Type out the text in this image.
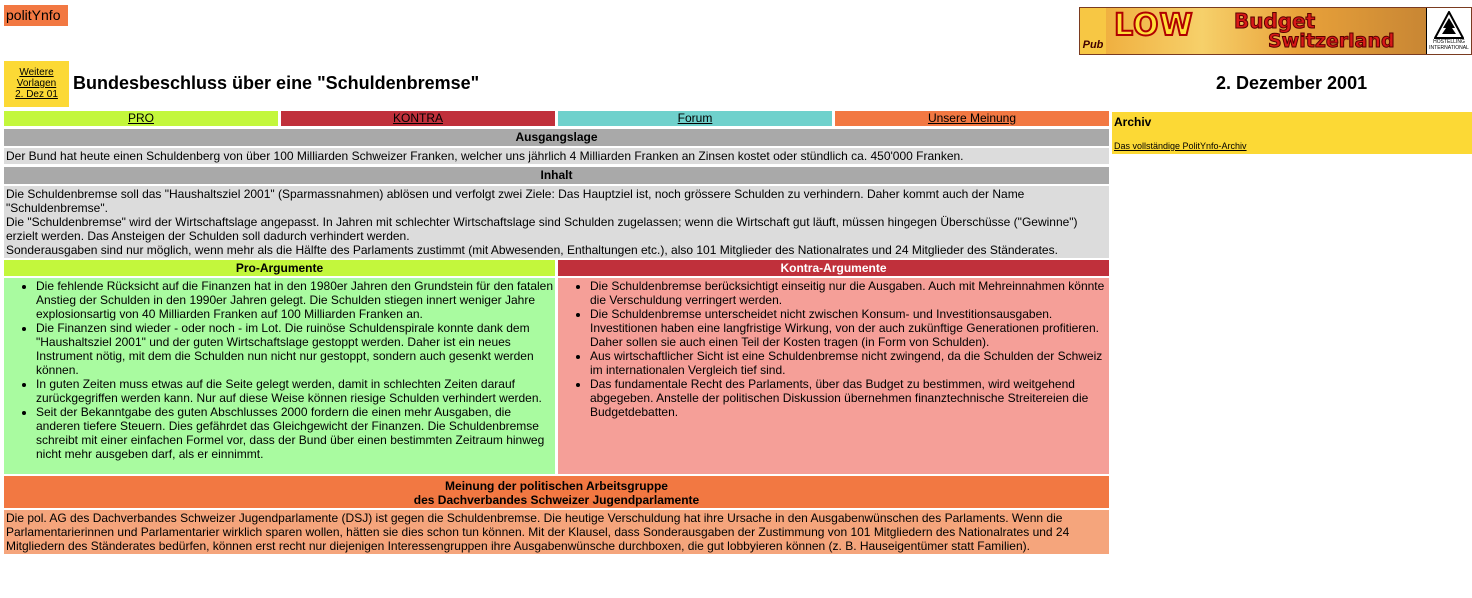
politYnfo
Pub
LOW Budget
Switzerland	HOSTELLING INTERNATIONAL
Weitere
Vorlagen
2. Dez 01
Bundesbeschluss über eine "Schuldenbremse"	2. Dezember 2001
PRO	KONTRA	Forum	Unsere Meinung
Ausgangslage
Der Bund hat heute einen Schuldenberg von über 100 Milliarden Schweizer Franken, welcher uns jährlich 4 Milliarden Franken an Zinsen kostet oder stündlich ca. 450'000 Franken.
Inhalt
Die Schuldenbremse soll das "Haushaltsziel 2001" (Sparmassnahmen) ablösen und verfolgt zwei Ziele: Das Hauptziel ist, noch grössere Schulden zu verhindern. Daher kommt auch der Name "Schuldenbremse".
Die "Schuldenbremse" wird der Wirtschaftslage angepasst. In Jahren mit schlechter Wirtschaftslage sind Schulden zugelassen; wenn die Wirtschaft gut läuft, müssen hingegen Überschüsse ("Gewinne") erzielt werden. Das Ansteigen der Schulden soll dadurch verhindert werden.
Sonderausgaben sind nur möglich, wenn mehr als die Hälfte des Parlaments zustimmt (mit Abwesenden, Enthaltungen etc.), also 101 Mitglieder des Nationalrates und 24 Mitglieder des Ständerates.
Pro-Argumente
• Die fehlende Rücksicht auf die Finanzen hat in den 1980er Jahren den Grundstein für den fatalen Anstieg der Schulden in den 1990er Jahren gelegt. Die Schulden stiegen innert weniger Jahre explosionsartig von 40 Milliarden Franken auf 100 Milliarden Franken an.
• Die Finanzen sind wieder - oder noch - im Lot. Die ruinöse Schuldenspirale konnte dank dem "Haushaltsziel 2001" und der guten Wirtschaftslage gestoppt werden. Daher ist ein neues Instrument nötig, mit dem die Schulden nun nicht nur gestoppt, sondern auch gesenkt werden können.
• In guten Zeiten muss etwas auf die Seite gelegt werden, damit in schlechten Zeiten darauf zurückgegriffen werden kann. Nur auf diese Weise können riesige Schulden verhindert werden.
• Seit der Bekanntgabe des guten Abschlusses 2000 fordern die einen mehr Ausgaben, die anderen tiefere Steuern. Dies gefährdet das Gleichgewicht der Finanzen. Die Schuldenbremse schreibt mit einer einfachen Formel vor, dass der Bund über einen bestimmten Zeitraum hinweg nicht mehr ausgeben darf, als er einnimmt.
Kontra-Argumente
• Die Schuldenbremse berücksichtigt einseitig nur die Ausgaben. Auch mit Mehreinnahmen könnte die Verschuldung verringert werden.
• Die Schuldenbremse unterscheidet nicht zwischen Konsum- und Investitionsausgaben. Investitionen haben eine langfristige Wirkung, von der auch zukünftige Generationen profitieren. Daher sollen sie auch einen Teil der Kosten tragen (in Form von Schulden).
• Aus wirtschaftlicher Sicht ist eine Schuldenbremse nicht zwingend, da die Schulden der Schweiz im internationalen Vergleich tief sind.
• Das fundamentale Recht des Parlaments, über das Budget zu bestimmen, wird weitgehend abgegeben. Anstelle der politischen Diskussion übernehmen finanztechnische Streitereien die Budgetdebatten.
Meinung der politischen Arbeitsgruppe
des Dachverbandes Schweizer Jugendparlamente
Die pol. AG des Dachverbandes Schweizer Jugendparlamente (DSJ) ist gegen die Schuldenbremse. Die heutige Verschuldung hat ihre Ursache in den Ausgabenwünschen des Parlaments. Wenn die Parlamentarierinnen und Parlamentarier wirklich sparen wollen, hätten sie dies schon tun können. Mit der Klausel, dass Sonderausgaben der Zustimmung von 101 Mitgliedern des Nationalrates und 24 Mitgliedern des Ständerates bedürfen, können erst recht nur diejenigen Interessengruppen ihre Ausgabenwünsche durchboxen, die gut lobbyieren können (z. B. Hauseigentümer statt Familien).
Archiv
Das vollständige PolitYnfo-Archiv
